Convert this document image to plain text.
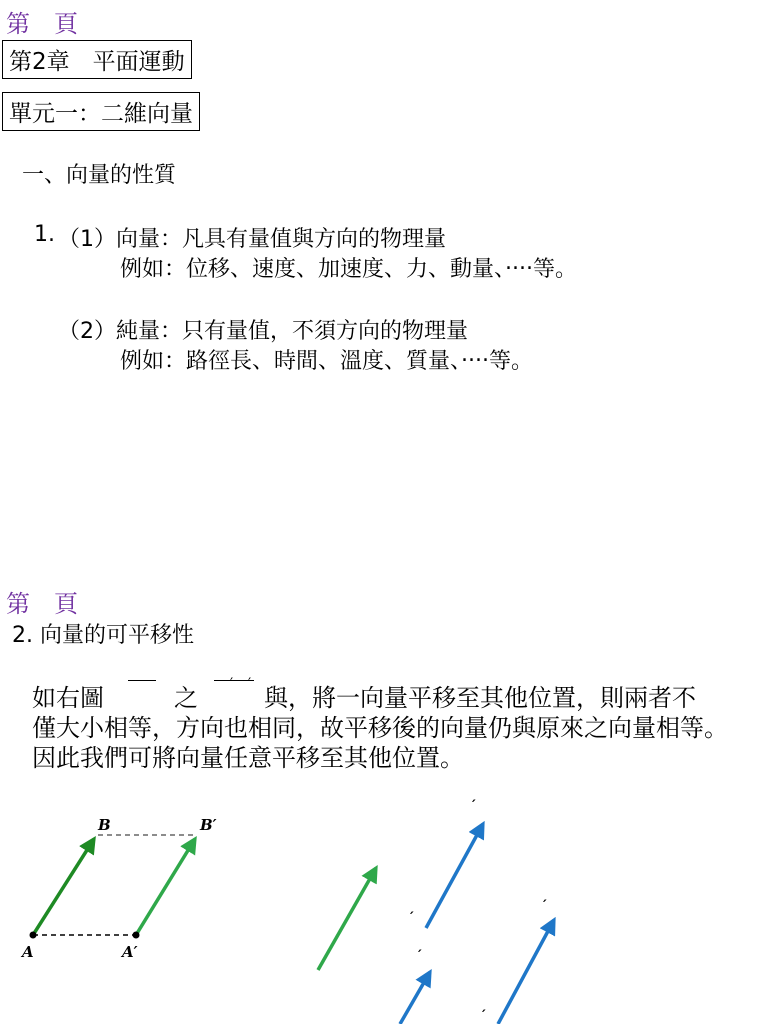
第　頁
第2章　平面運動
單元一：二維向量
一、向量的性質
1. （1）向量：凡具有量值與方向的物理量
例如：位移、速度、加速度、力、動量、‧‧‧‧等。
（2）純量：只有量值，不須方向的物理量
例如：路徑長、時間、溫度、質量、‧‧‧‧等。
第　頁
2. 向量的可平移性
如右圖	之 ′ ′ 與，將一向量平移至其他位置，則兩者不
僅大小相等，方向也相同，故平移後的向量仍與原來之向量相等。
因此我們可將向量任意平移至其他位置。
A	A′
B	B′
′
′
′
′
′
